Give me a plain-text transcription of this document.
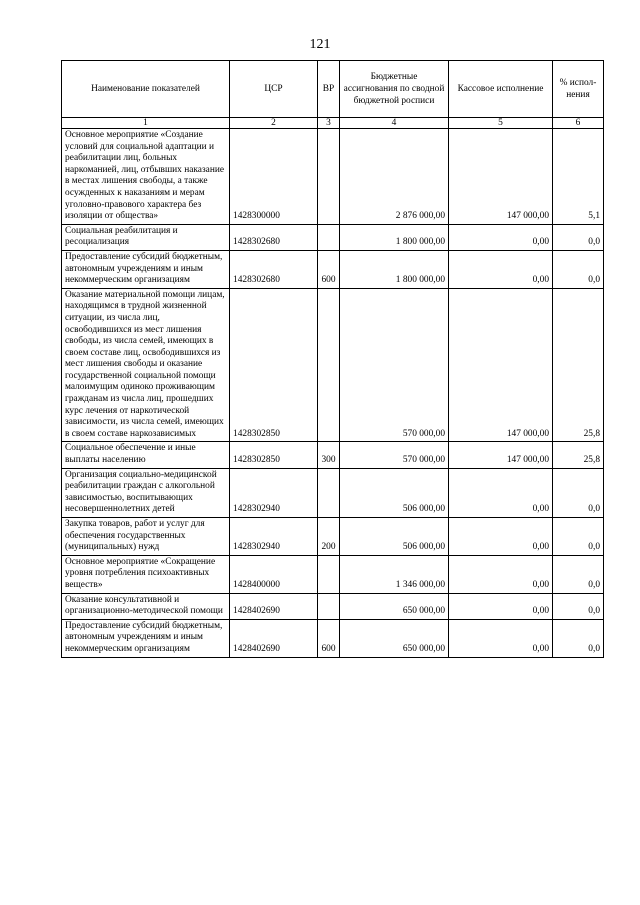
121
Наименование показателей	ЦСР	ВР	Бюджетные ассигнования по сводной бюджетной росписи	Кассовое исполнение	% испол-нения
1	2	3	4	5	6
Основное мероприятие «Создание условий для социальной адаптации и реабилитации лиц, больных наркоманией, лиц, отбывших наказание в местах лишения свободы, а также осужденных к наказаниям и мерам уголовно-правового характера без изоляции от общества»	1428300000		2 876 000,00	147 000,00	5,1
Социальная реабилитация и ресоциализация	1428302680		1 800 000,00	0,00	0,0
Предоставление субсидий бюджетным, автономным учреждениям и иным некоммерческим организациям	1428302680	600	1 800 000,00	0,00	0,0
Оказание материальной помощи лицам, находящимся в трудной жизненной ситуации, из числа лиц, освободившихся из мест лишения свободы, из числа семей, имеющих в своем составе лиц, освободившихся из мест лишения свободы и оказание государственной социальной помощи малоимущим одиноко проживающим гражданам из числа лиц, прошедших курс лечения от наркотической зависимости, из числа семей, имеющих в своем составе наркозависимых	1428302850		570 000,00	147 000,00	25,8
Социальное обеспечение и иные выплаты населению	1428302850	300	570 000,00	147 000,00	25,8
Организация социально-медицинской реабилитации граждан с алкогольной зависимостью, воспитывающих несовершеннолетних детей	1428302940		506 000,00	0,00	0,0
Закупка товаров, работ и услуг для обеспечения государственных (муниципальных) нужд	1428302940	200	506 000,00	0,00	0,0
Основное мероприятие «Сокращение уровня потребления психоактивных веществ»	1428400000		1 346 000,00	0,00	0,0
Оказание консультативной и организационно-методической помощи	1428402690		650 000,00	0,00	0,0
Предоставление субсидий бюджетным, автономным учреждениям и иным некоммерческим организациям	1428402690	600	650 000,00	0,00	0,0
